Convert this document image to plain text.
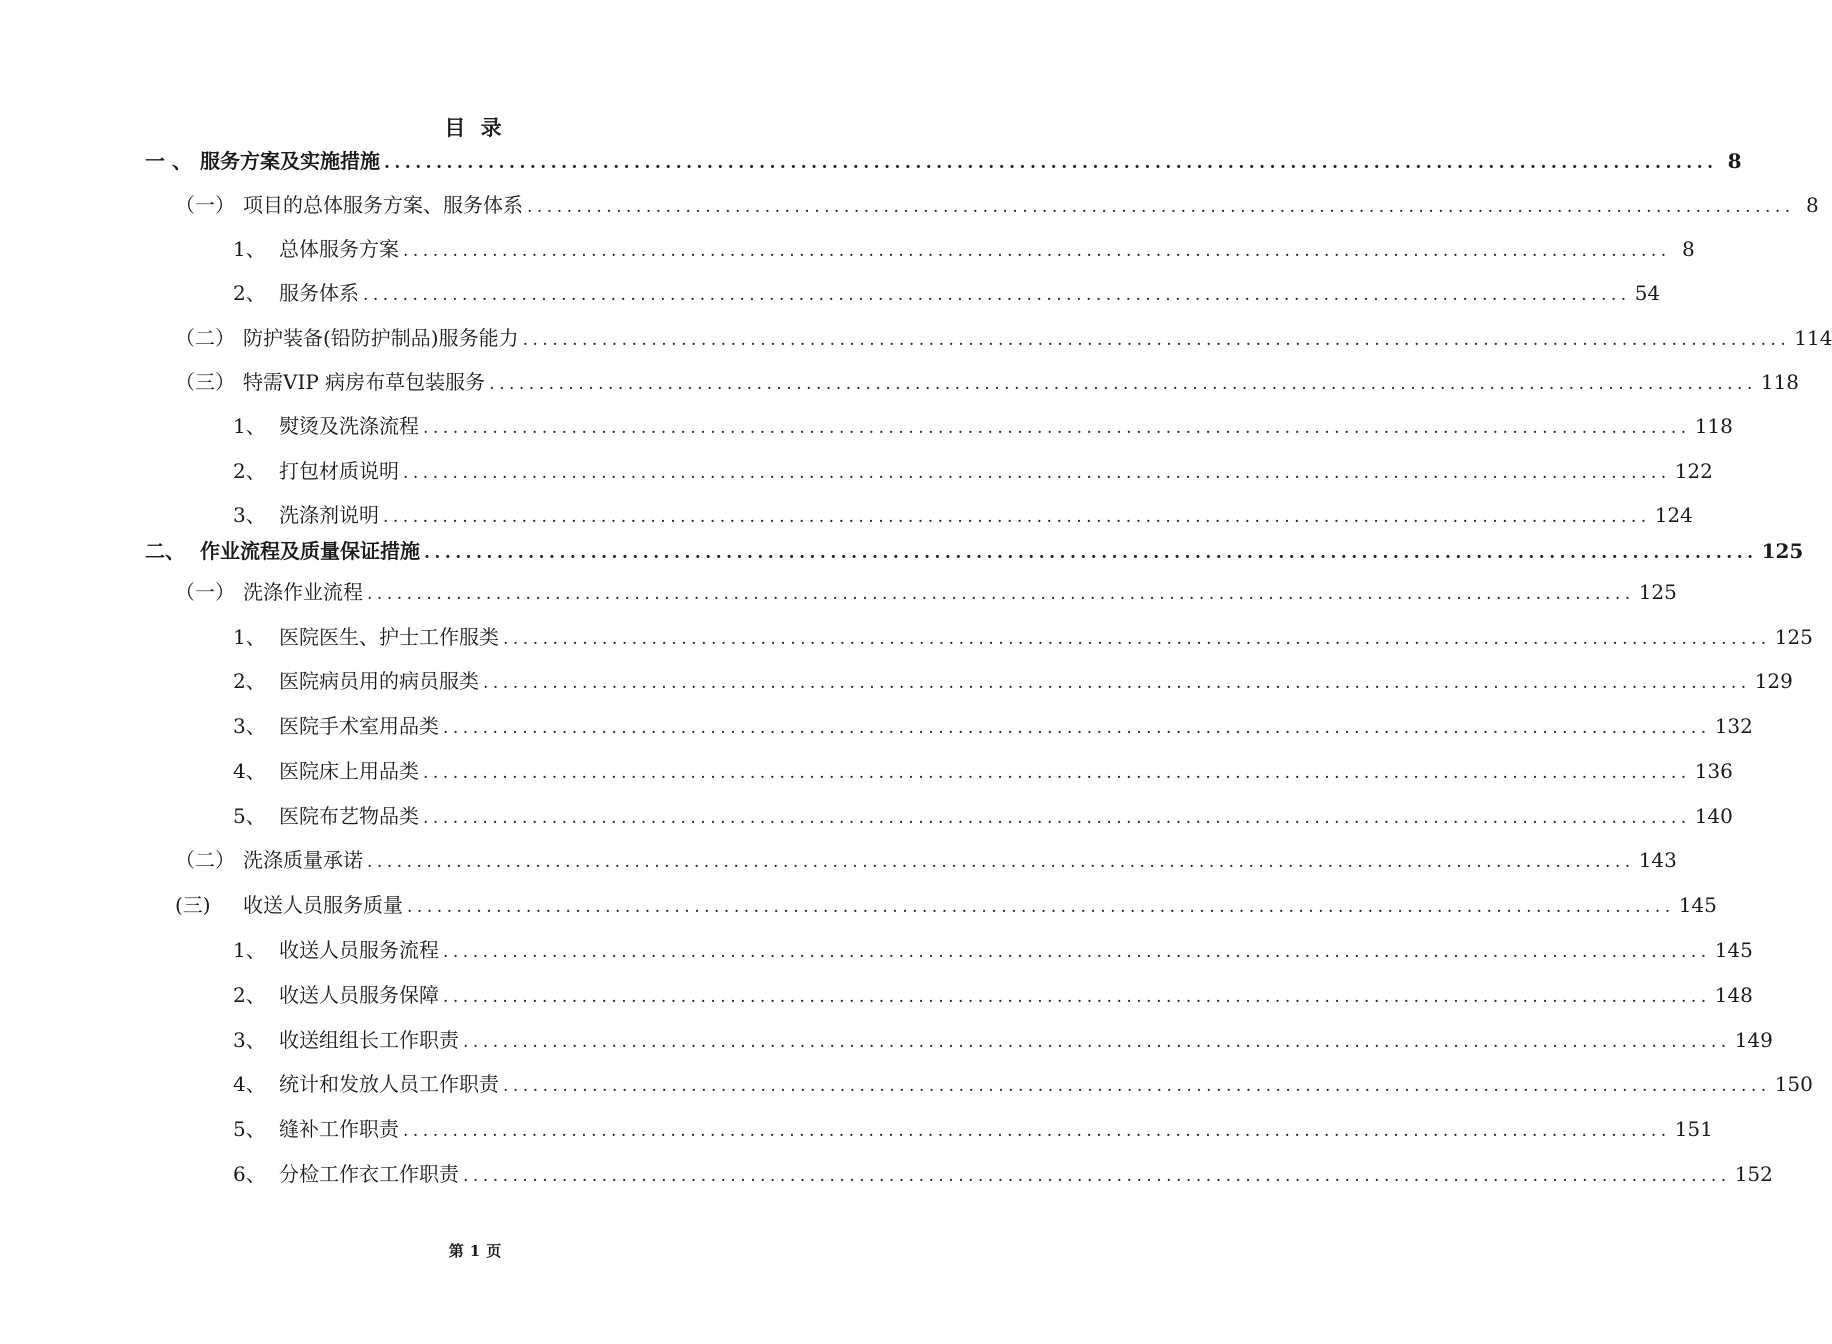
目 录
一 、 服务方案及实施措施 ................................................................................................................................ 8
（一） 项目的总体服务方案、服务体系 ................................................................................................................................ 8
1、 总体服务方案 ................................................................................................................................ 8
2、 服务体系 ................................................................................................................................ 54
（二） 防护装备(铅防护制品)服务能力 ................................................................................................................................ 114
（三） 特需VIP 病房布草包装服务 ................................................................................................................................ 118
1、 熨烫及洗涤流程 ................................................................................................................................ 118
2、 打包材质说明 ................................................................................................................................ 122
3、 洗涤剂说明 ................................................................................................................................ 124
二、 作业流程及质量保证措施 ................................................................................................................................ 125
（一） 洗涤作业流程 ................................................................................................................................ 125
1、 医院医生、护士工作服类 ................................................................................................................................ 125
2、 医院病员用的病员服类 ................................................................................................................................ 129
3、 医院手术室用品类 ................................................................................................................................ 132
4、 医院床上用品类 ................................................................................................................................ 136
5、 医院布艺物品类 ................................................................................................................................ 140
（二） 洗涤质量承诺 ................................................................................................................................ 143
(三)	收送人员服务质量 ................................................................................................................................ 145
1、 收送人员服务流程 ................................................................................................................................ 145
2、 收送人员服务保障 ................................................................................................................................ 148
3、 收送组组长工作职责 ................................................................................................................................ 149
4、 统计和发放人员工作职责 ................................................................................................................................ 150
5、 缝补工作职责 ................................................................................................................................ 151
6、 分检工作衣工作职责 ................................................................................................................................ 152
第 1 页
